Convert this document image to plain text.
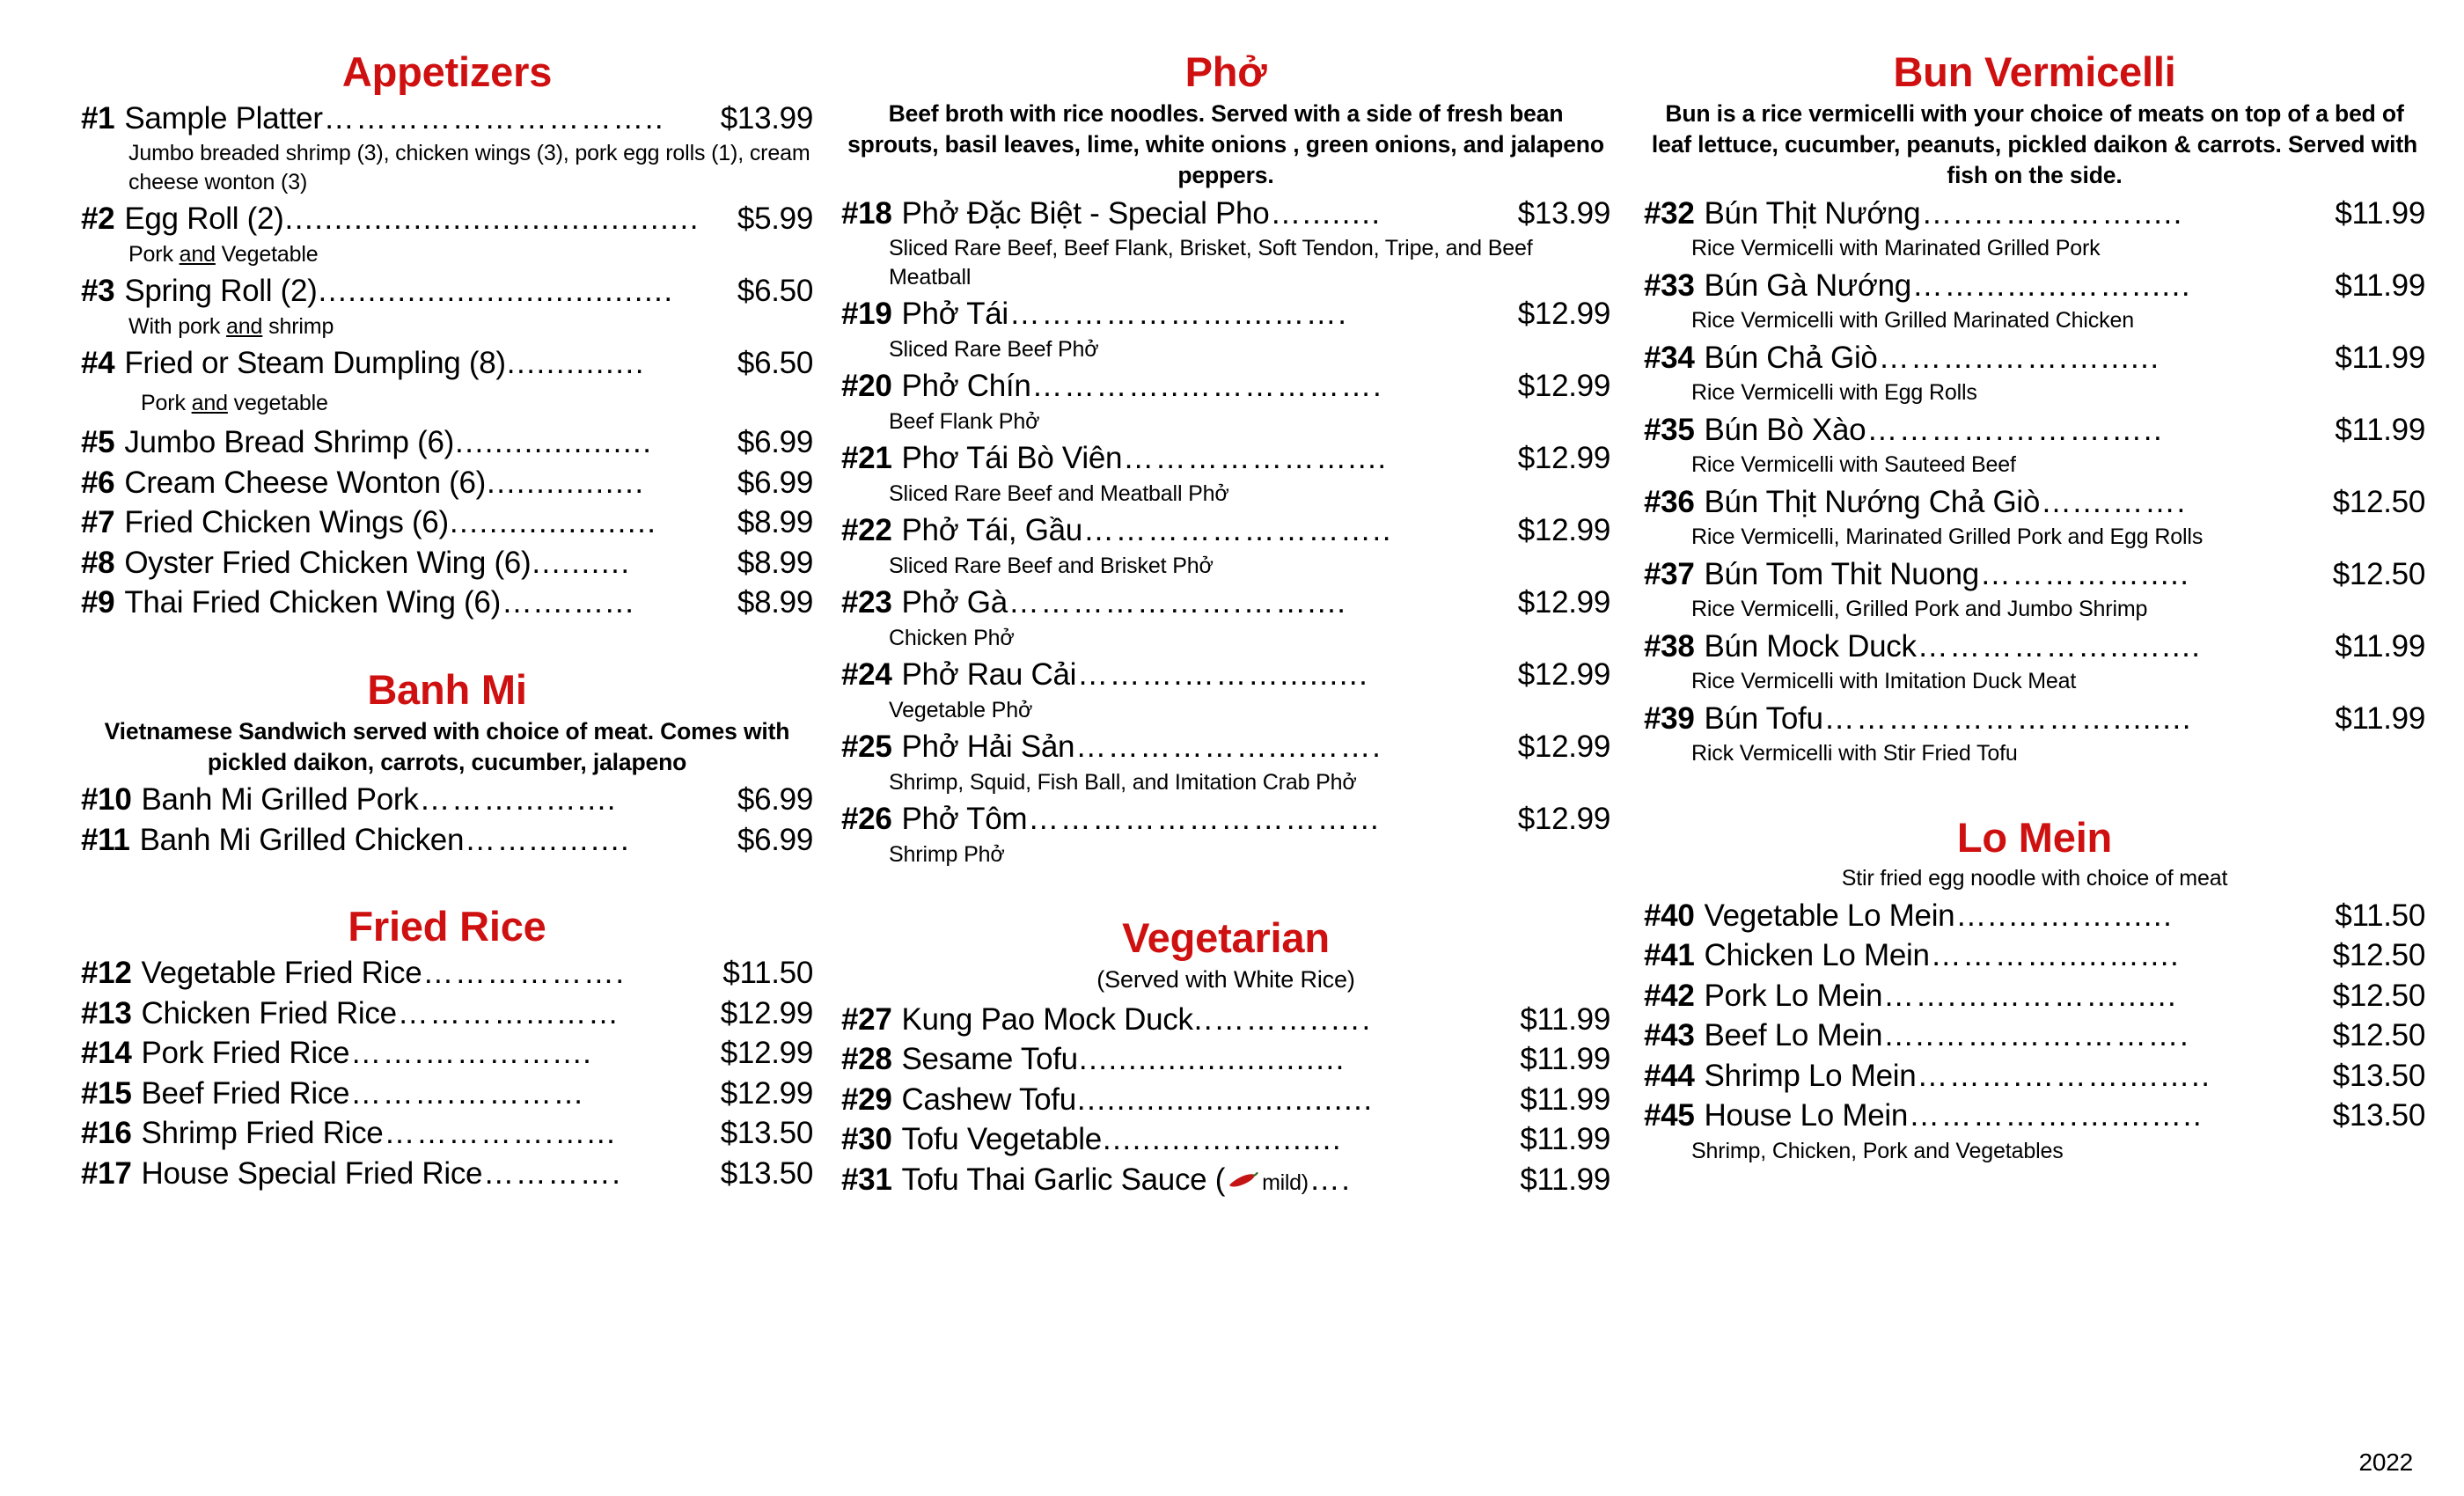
Appetizers
#1 Sample Platter …………………………..	$13.99
Jumbo breaded shrimp (3), chicken wings (3), pork egg rolls (1), cream cheese wonton (3)
#2 Egg Roll (2) ..........................................	$5.99
Pork and Vegetable
#3 Spring Roll (2) ....................................	$6.50
With pork and shrimp
#4 Fried or Steam Dumpling (8) ..............	$6.50
Pork and vegetable
#5 Jumbo Bread Shrimp (6) ....................	$6.99
#6 Cream Cheese Wonton (6) ................	$6.99
#7 Fried Chicken Wings (6) .....................	$8.99
#8 Oyster Fried Chicken Wing (6) ..........	$8.99
#9 Thai Fried Chicken Wing (6) …....…...	$8.99
Banh Mi
Vietnamese Sandwich served with choice of meat. Comes with pickled daikon, carrots, cucumber, jalapeno
#10 Banh Mi Grilled Pork ………...…....	$6.99
#11 Banh Mi Grilled Chicken ……...…....	$6.99
Fried Rice
#12 Vegetable Fried Rice ……………….	$11.50
#13 Chicken Fried Rice …………...……	$12.99
#14 Pork Fried Rice …….…………....	$12.99
#15 Beef Fried Rice ……….…………	$12.99
#16 Shrimp Fried Rice …………….…...	$13.50
#17 House Special Fried Rice ………….	$13.50
Phở
Beef broth with rice noodles. Served with a side of fresh bean sprouts, basil leaves, lime, white onions , green onions, and jalapeno peppers.
#18 Phở Đặc Biệt - Special Pho …........	$13.99
Sliced Rare Beef, Beef Flank, Brisket, Soft Tendon, Tripe, and Beef Meatball
#19 Phở Tái …………………....…….	$12.99
Sliced Rare Beef Phở
#20 Phở Chín …………..……………….	$12.99
Beef Flank Phở
#21 Phơ Tái Bò Viên …………………....	$12.99
Sliced Rare Beef and Meatball Phở
#22 Phở Tái, Gầu ………………………..	$12.99
Sliced Rare Beef and Brisket Phở
#23 Phở Gà ………………….……....	$12.99
Chicken Phở
#24 Phở Rau Cải ……….……….........	$12.99
Vegetable Phở
#25 Phở Hải Sản ………………....…….	$12.99
Shrimp, Squid, Fish Ball, and Imitation Crab Phở
#26 Phở Tôm ……………………………	$12.99
Shrimp Phở
Vegetarian
(Served with White Rice)
#27 Kung Pao Mock Duck ..………..….	$11.99
#28 Sesame Tofu ...........................	$11.99
#29 Cashew Tofu ..............................	$11.99
#30 Tofu Vegetable ..........…...........	$11.99
#31 Tofu Thai Garlic Sauce ( mild) ….	$11.99
Bun Vermicelli
Bun is a rice vermicelli with your choice of meats on top of a bed of leaf lettuce, cucumber, peanuts, pickled daikon & carrots. Served with fish on the side.
#32 Bún Thịt Nướng …..…………….....	$11.99
Rice Vermicelli with Marinated Grilled Pork
#33 Bún Gà Nướng ……...…...……......	$11.99
Rice Vermicelli with Grilled Marinated Chicken
#34 Bún Chả Giò ………..…….…......	$11.99
Rice Vermicelli with Egg Rolls
#35 Bún Bò Xào ………….……….…..	$11.99
Rice Vermicelli with Sauteed Beef
#36 Bún Thịt Nướng Chả Giò …....…….	$12.50
Rice Vermicelli, Marinated Grilled Pork and Egg Rolls
#37 Bún Tom Thit Nuong …………….....	$12.50
Rice Vermicelli, Grilled Pork and Jumbo Shrimp
#38 Bún Mock Duck ………………..…....	$11.99
Rice Vermicelli with Imitation Duck Meat
#39 Bún Tofu ………………………........	$11.99
Rick Vermicelli with Stir Fried Tofu
Lo Mein
Stir fried egg noodle with choice of meat
#40 Vegetable Lo Mein …..…….…......	$11.50
#41 Chicken Lo Mein ………….....…....	$12.50
#42 Pork Lo Mein …….……………......	$12.50
#43 Beef Lo Mein …..…….…….……….	$12.50
#44 Shrimp Lo Mein ……….………....…..	$13.50
#45 House Lo Mein …………….…....…..	$13.50
Shrimp, Chicken, Pork and Vegetables
2022
